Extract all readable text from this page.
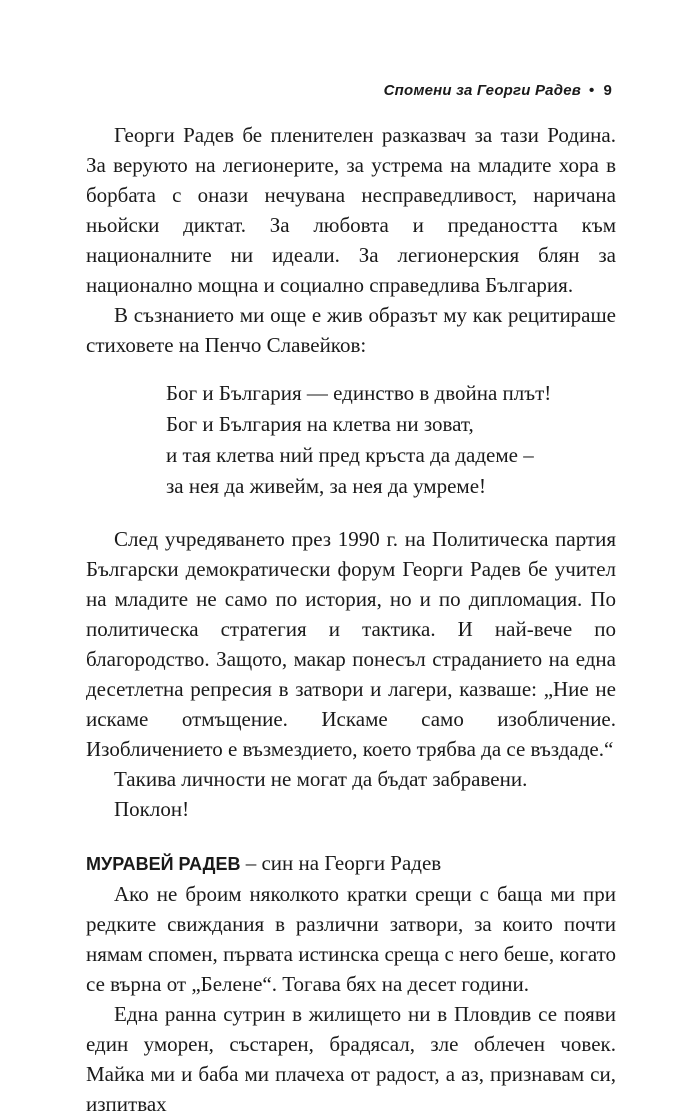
Спомени за Георги Радев • 9

Георги Радев бе пленителен разказвач за тази Родина. За веруюто на легионерите, за устрема на младите хора в борбата с онази нечувана несправедливост, наричана ньойски диктат. За любовта и предаността към националните ни идеали. За легионерския блян за национално мощна и социално справедлива България.

В съзнанието ми още е жив образът му как рецитираше стиховете на Пенчо Славейков:

Бог и България — единство в двойна плът!
Бог и България на клетва ни зоват,
и тая клетва ний пред кръста да дадеме –
за нея да живейм, за нея да умреме!

След учредяването през 1990 г. на Политическа партия Български демократически форум Георги Радев бе учител на младите не само по история, но и по дипломация. По политическа стратегия и тактика. И най-вече по благородство. Защото, макар понесъл страданието на една десетлетна репресия в затвори и лагери, казваше: „Ние не искаме отмъщение. Искаме само изобличение. Изобличението е възмездието, което трябва да се въздаде.“

Такива личности не могат да бъдат забравени.

Поклон!

МУРАВЕЙ РАДЕВ – син на Георги Радев

Ако не броим няколкото кратки срещи с баща ми при редките свиждания в различни затвори, за които почти нямам спомен, първата истинска среща с него беше, когато се върна от „Белене“. Тогава бях на десет години.

Една ранна сутрин в жилището ни в Пловдив се появи един уморен, състарен, брадясал, зле облечен човек. Майка ми и баба ми плачеха от радост, а аз, признавам си, изпитвах
